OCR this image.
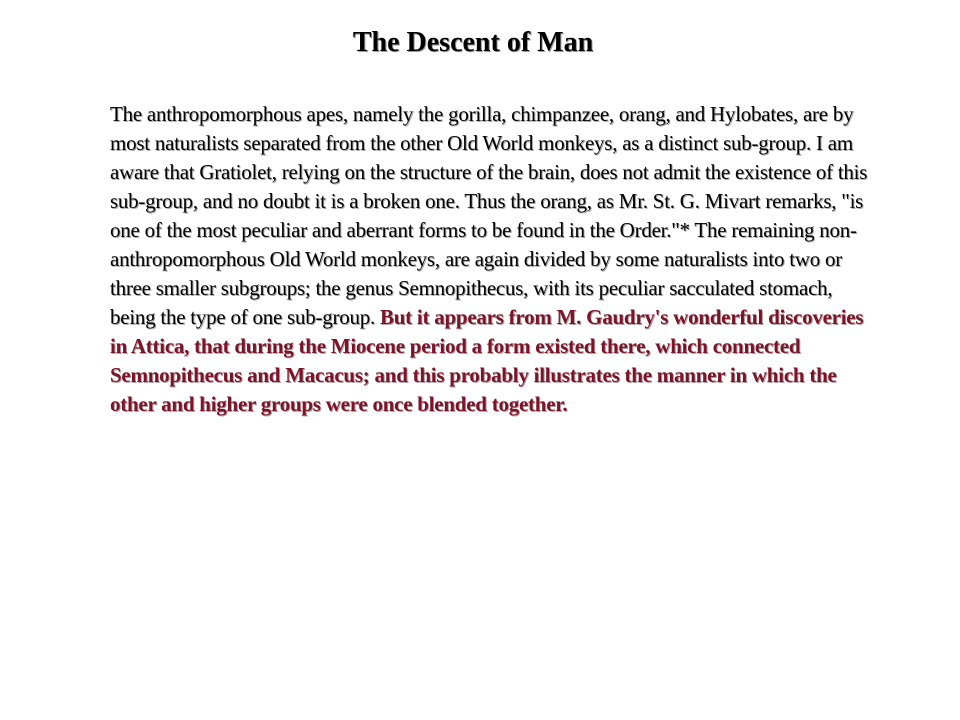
The Descent of Man

The anthropomorphous apes, namely the gorilla, chimpanzee, orang, and Hylobates, are by most naturalists separated from the other Old World monkeys, as a distinct sub-group. I am aware that Gratiolet, relying on the structure of the brain, does not admit the existence of this sub-group, and no doubt it is a broken one. Thus the orang, as Mr. St. G. Mivart remarks, "is one of the most peculiar and aberrant forms to be found in the Order."* The remaining non-anthropomorphous Old World monkeys, are again divided by some naturalists into two or three smaller subgroups; the genus Semnopithecus, with its peculiar sacculated stomach, being the type of one sub-group. But it appears from M. Gaudry's wonderful discoveries in Attica, that during the Miocene period a form existed there, which connected Semnopithecus and Macacus; and this probably illustrates the manner in which the other and higher groups were once blended together.
